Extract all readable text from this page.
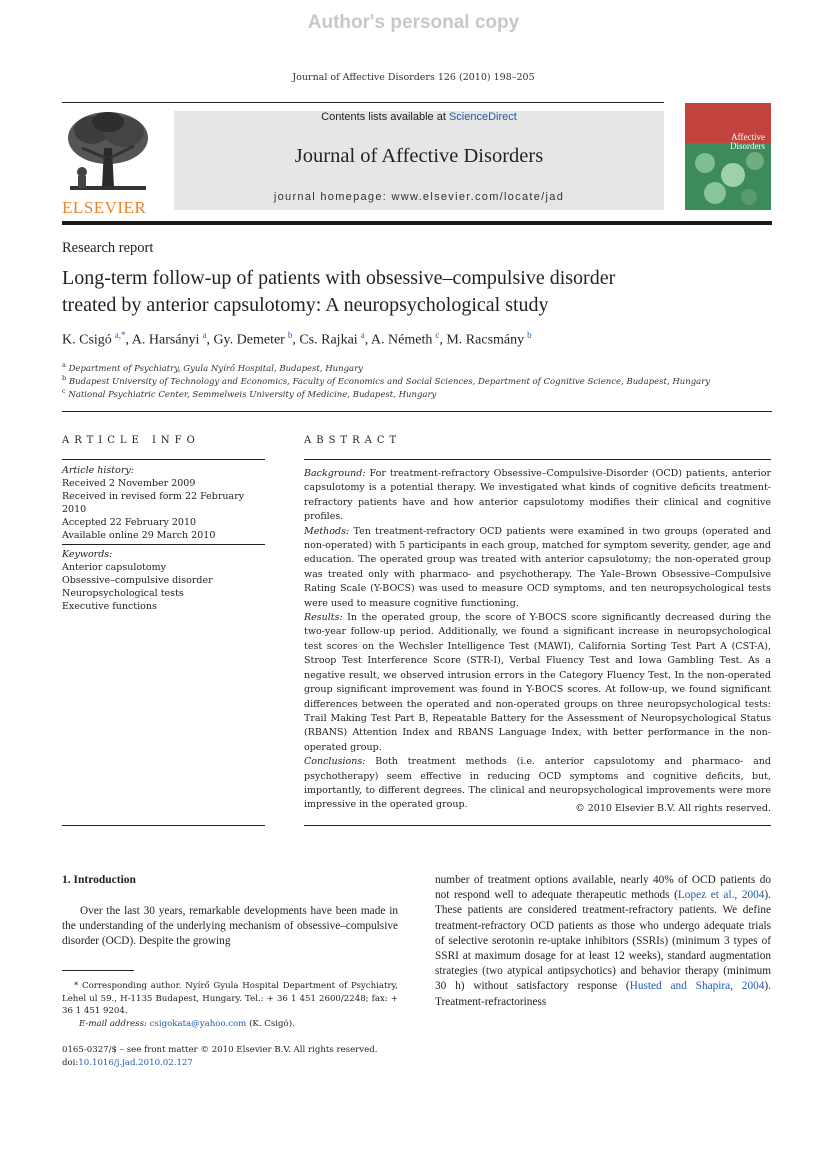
Author's personal copy
Journal of Affective Disorders 126 (2010) 198–205
ELSEVIER
Contents lists available at ScienceDirect
Journal of Affective Disorders
journal homepage: www.elsevier.com/locate/jad
Affective
Disorders
Research report
Long-term follow-up of patients with obsessive–compulsive disorder
treated by anterior capsulotomy: A neuropsychological study
K. Csigó $^{a,*}$, A. Harsányi $^a$, Gy. Demeter $^b$, Cs. Rajkai $^a$, A. Németh $^c$, M. Racsmány $^b$
$^a$ Department of Psychiatry, Gyula Nyírő Hospital, Budapest, Hungary
$^b$ Budapest University of Technology and Economics, Faculty of Economics and Social Sciences, Department of Cognitive Science, Budapest, Hungary
$^c$ National Psychiatric Center, Semmelweis University of Medicine, Budapest, Hungary
ARTICLE INFO
Article history:
Received 2 November 2009
Received in revised form 22 February 2010
Accepted 22 February 2010
Available online 29 March 2010
Keywords:
Anterior capsulotomy
Obsessive–compulsive disorder
Neuropsychological tests
Executive functions
ABSTRACT

Background: For treatment-refractory Obsessive–Compulsive-Disorder (OCD) patients, anterior capsulotomy is a potential therapy. We investigated what kinds of cognitive deficits treatment-refractory patients have and how anterior capsulotomy modifies their clinical and cognitive profiles.

Methods: Ten treatment-refractory OCD patients were examined in two groups (operated and non-operated) with 5 participants in each group, matched for symptom severity, gender, age and education. The operated group was treated with anterior capsulotomy; the non-operated group was treated only with pharmaco- and psychotherapy. The Yale–Brown Obsessive–Compulsive Rating Scale (Y-BOCS) was used to measure OCD symptoms, and ten neuropsychological tests were used to measure cognitive functioning.

Results: In the operated group, the score of Y-BOCS score significantly decreased during the two-year follow-up period. Additionally, we found a significant increase in neuropsychological test scores on the Wechsler Intelligence Test (MAWI), California Sorting Test Part A (CST-A), Stroop Test Interference Score (STR-I), Verbal Fluency Test and Iowa Gambling Test. As a negative result, we observed intrusion errors in the Category Fluency Test. In the non-operated group significant improvement was found in Y-BOCS scores. At follow-up, we found significant differences between the operated and non-operated groups on three neuropsychological tests: Trail Making Test Part B, Repeatable Battery for the Assessment of Neuropsychological Status (RBANS) Attention Index and RBANS Language Index, with better performance in the non-operated group.

Conclusions: Both treatment methods (i.e. anterior capsulotomy and pharmaco- and psychotherapy) seem effective in reducing OCD symptoms and cognitive deficits, but, importantly, to different degrees. The clinical and neuropsychological improvements were more impressive in the operated group.	© 2010 Elsevier B.V. All rights reserved.
1. Introduction
Over the last 30 years, remarkable developments have been made in the understanding of the underlying mechanism of obsessive–compulsive disorder (OCD). Despite the growing
number of treatment options available, nearly 40% of OCD patients do not respond well to adequate therapeutic methods (Lopez et al., 2004). These patients are considered treatment-refractory patients. We define treatment-refractory OCD patients as those who undergo adequate trials of selective serotonin re-uptake inhibitors (SSRIs) (minimum 3 types of SSRI at maximum dosage for at least 12 weeks), standard augmentation strategies (two atypical antipsychotics) and behavior therapy (minimum 30 h) without satisfactory response (Husted and Shapira, 2004). Treatment-refractoriness
* Corresponding author. Nyírő Gyula Hospital Department of Psychiatry, Lehel ul 59., H-1135 Budapest, Hungary. Tel.: + 36 1 451 2600/2248; fax: + 36 1 451 9204.
E-mail address: csigokata@yahoo.com (K. Csigó).
0165-0327/$ – see front matter © 2010 Elsevier B.V. All rights reserved.
doi:10.1016/j.jad.2010.02.127
